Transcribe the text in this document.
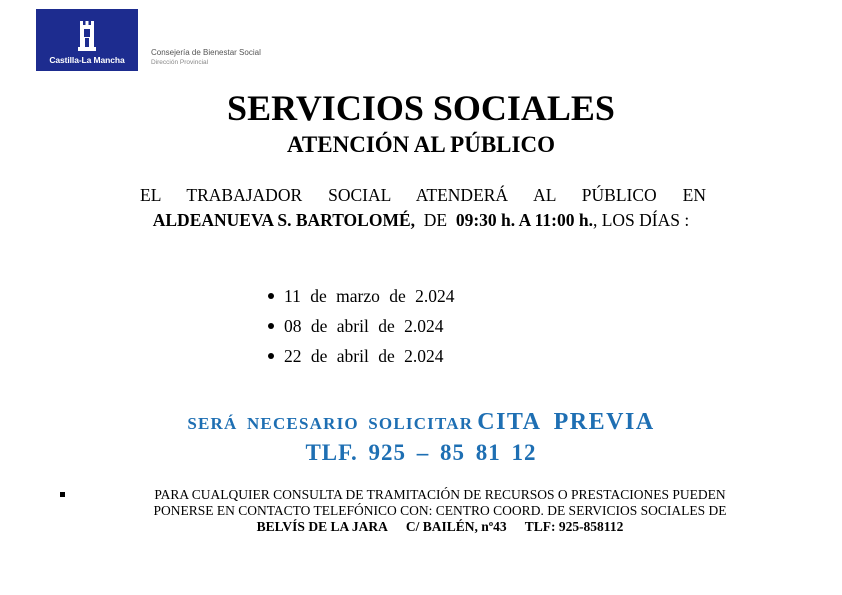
Castilla-La Mancha
Consejería de Bienestar Social
Dirección Provincial
SERVICIOS SOCIALES
ATENCIÓN AL PÚBLICO
EL TRABAJADOR SOCIAL ATENDERÁ AL PÚBLICO EN
ALDEANUEVA S. BARTOLOMÉ, DE 09:30 h. A 11:00 h., LOS DÍAS :
11 de marzo de 2.024
08 de abril de 2.024
22 de abril de 2.024
SERÁ NECESARIO SOLICITAR CITA PREVIA
TLF. 925 – 85 81 12
PARA CUALQUIER CONSULTA DE TRAMITACIÓN DE RECURSOS O PRESTACIONES PUEDEN
PONERSE EN CONTACTO TELEFÓNICO CON: CENTRO COORD. DE SERVICIOS SOCIALES DE
BELVÍS DE LA JARA C/ BAILÉN, nº43 TLF: 925-858112
